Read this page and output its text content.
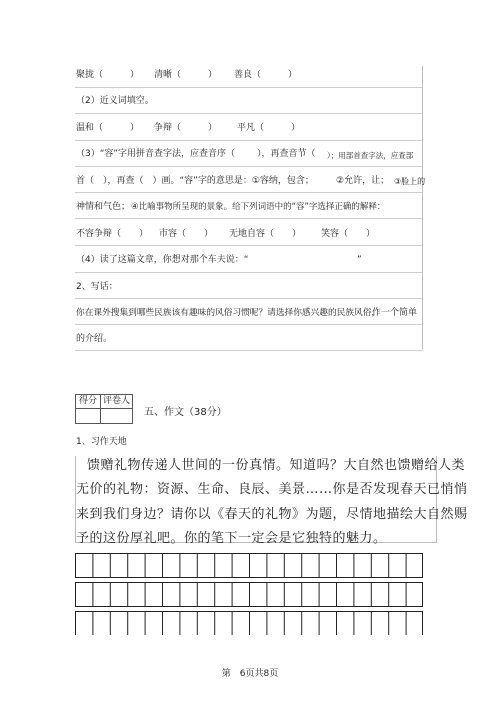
聚拢（　　　） 清晰（　　　） 善良（　　　）
（2）近义词填空。
温和（　　　） 争辩（　　　） 平凡（　　　）
（3）“容”字用拼音查字法，应查音序（ ），再查音节（ ）；用部首查字法，应查部
首（　），再查（　）画。“容”字的意思是：①容纳，包含； ②允许，让； ③脸上的
神情和气色； ④比喻事物所呈现的景象。给下列词语中的“容”字选择正确的解释：
不容争辩（　　） 市容（　　） 无地自容（　　） 笑容（　　）
（4）读了这篇文章，你想对那个车夫说：“	”
2、写话：
你在课外搜集到哪些民族该有趣味的风俗习惯呢？请选择你感兴趣的民族风俗，
作一个简单
的介绍。
得分 评卷人
五、作文（38分）
1、习作天地
馈赠礼物传递人世间的一份真情。知道吗？大自然也馈赠给人类
无价的礼物：资源、生命、良辰、美景……你是否发现春天已悄悄
来到我们身边？请你以《春天的礼物》为题，尽情地描绘大自然赐
予的这份厚礼吧。你的笔下一定会是它独特的魅力。
第　6页共8页
